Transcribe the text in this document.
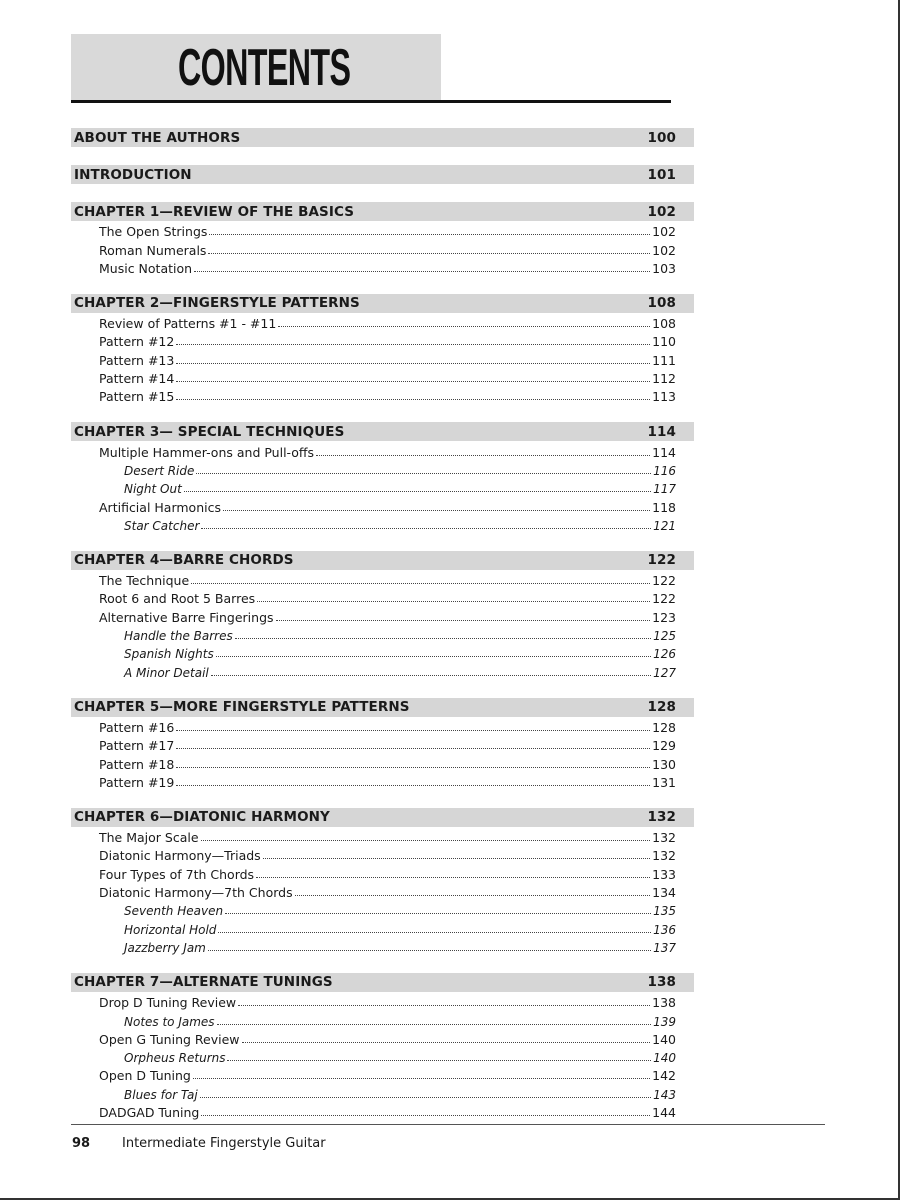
CONTENTS
ABOUT THE AUTHORS	100
INTRODUCTION	101
CHAPTER 1—REVIEW OF THE BASICS	102
The Open Strings	102
Roman Numerals	102
Music Notation	103
CHAPTER 2—FINGERSTYLE PATTERNS	108
Review of Patterns #1 - #11	108
Pattern #12	110
Pattern #13	111
Pattern #14	112
Pattern #15	113
CHAPTER 3— SPECIAL TECHNIQUES	114
Multiple Hammer-ons and Pull-offs	114
Desert Ride	116
Night Out	117
Artificial Harmonics	118
Star Catcher	121
CHAPTER 4—BARRE CHORDS	122
The Technique	122
Root 6 and Root 5 Barres	122
Alternative Barre Fingerings	123
Handle the Barres	125
Spanish Nights	126
A Minor Detail	127
CHAPTER 5—MORE FINGERSTYLE PATTERNS	128
Pattern #16	128
Pattern #17	129
Pattern #18	130
Pattern #19	131
CHAPTER 6—DIATONIC HARMONY	132
The Major Scale	132
Diatonic Harmony—Triads	132
Four Types of 7th Chords	133
Diatonic Harmony—7th Chords	134
Seventh Heaven	135
Horizontal Hold	136
Jazzberry Jam	137
CHAPTER 7—ALTERNATE TUNINGS	138
Drop D Tuning Review	138
Notes to James	139
Open G Tuning Review	140
Orpheus Returns	140
Open D Tuning	142
Blues for Taj	143
DADGAD Tuning	144
98 Intermediate Fingerstyle Guitar
